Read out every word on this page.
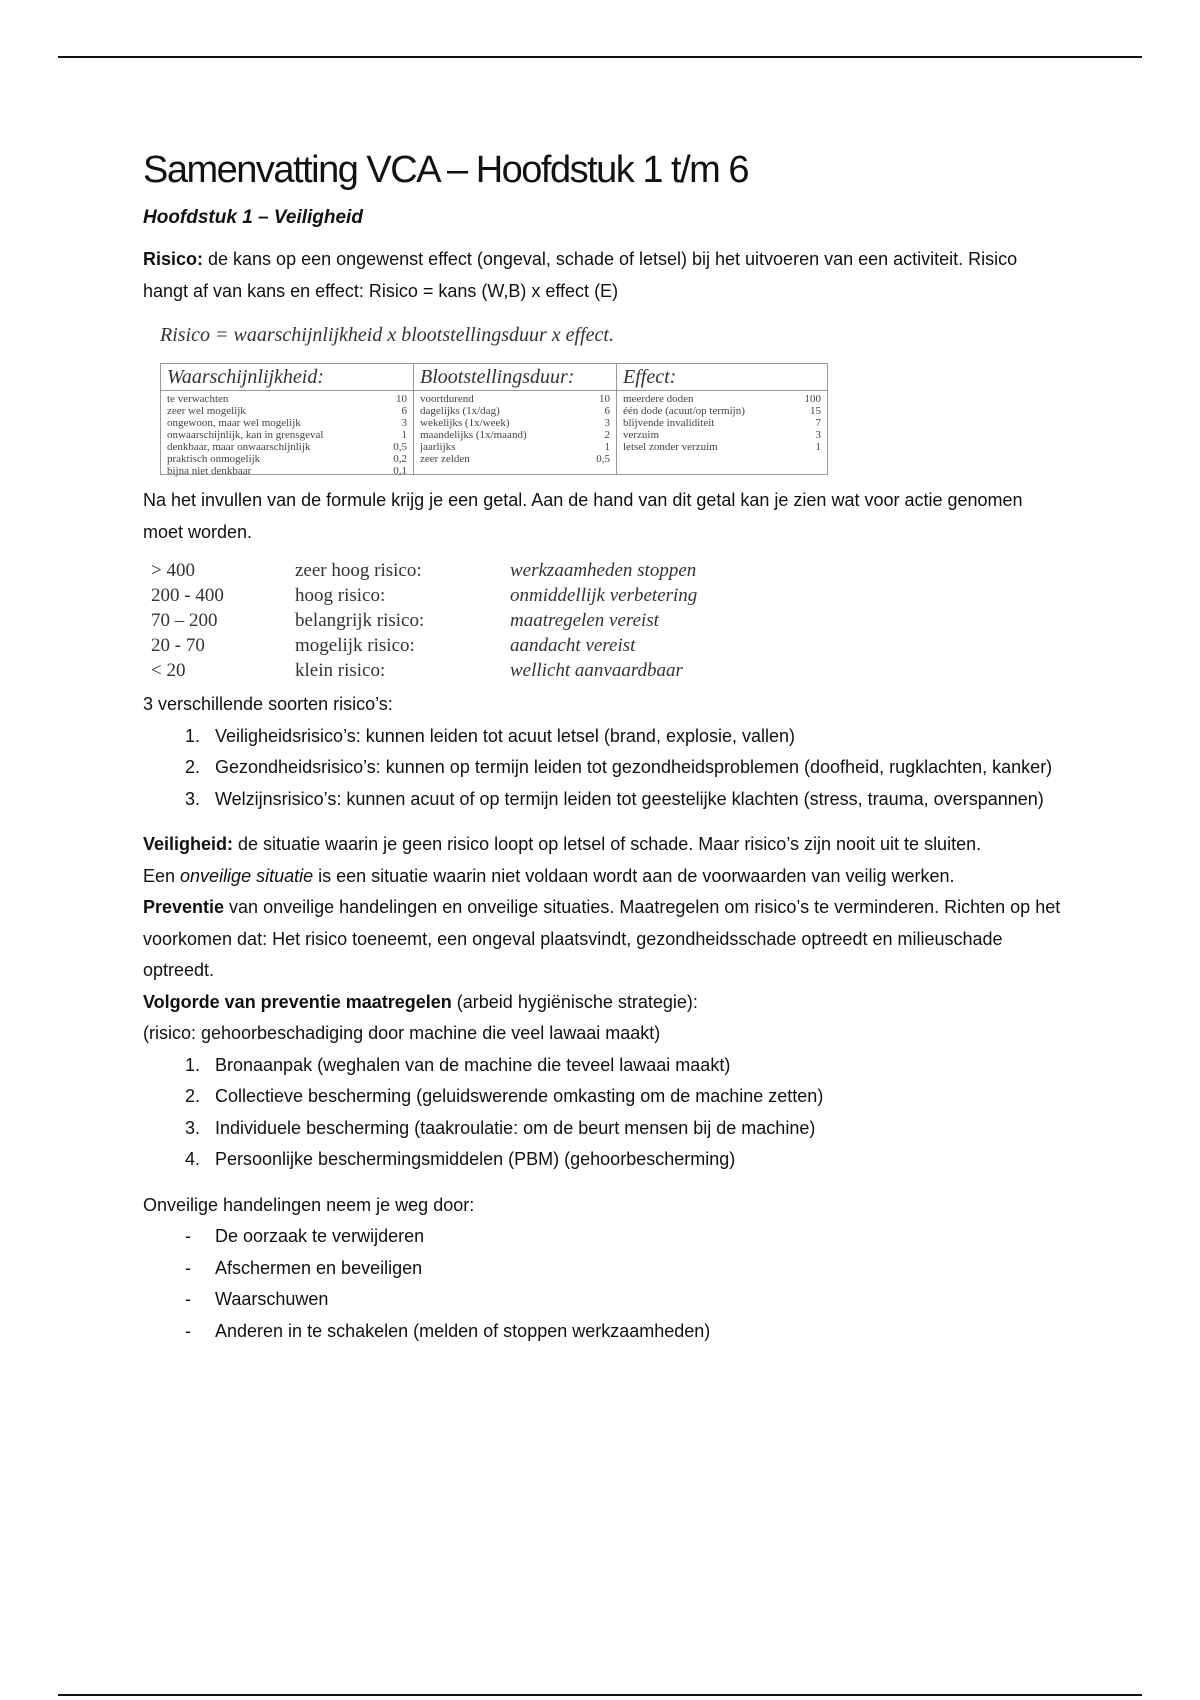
Samenvatting VCA – Hoofdstuk 1 t/m 6
Hoofdstuk 1 – Veiligheid

Risico: de kans op een ongewenst effect (ongeval, schade of letsel) bij het uitvoeren van een activiteit. Risico hangt af van kans en effect: Risico = kans (W,B) x effect (E)

Risico = waarschijnlijkheid x blootstellingsduur x effect.
Waarschijnlijkheid:
te verwachten	10
zeer wel mogelijk	6
ongewoon, maar wel mogelijk	3
onwaarschijnlijk, kan in grensgeval	1
denkbaar, maar onwaarschijnlijk	0,5
praktisch onmogelijk	0,2
bijna niet denkbaar	0,1
Blootstellingsduur:
voortdurend	10
dagelijks (1x/dag)	6
wekelijks (1x/week)	3
maandelijks (1x/maand)	2
jaarlijks	1
zeer zelden	0,5
Effect:
meerdere doden	100
één dode (acuut/op termijn)	15
blijvende invaliditeit	7
verzuim	3
letsel zonder verzuim	1

Na het invullen van de formule krijg je een getal. Aan de hand van dit getal kan je zien wat voor actie genomen moet worden.

> 400	zeer hoog risico:	werkzaamheden stoppen
200 - 400	hoog risico:	onmiddellijk verbetering
70 – 200	belangrijk risico:	maatregelen vereist
20 - 70	mogelijk risico:	aandacht vereist
< 20	klein risico:	wellicht aanvaardbaar

3 verschillende soorten risico’s:

1. Veiligheidsrisico’s: kunnen leiden tot acuut letsel (brand, explosie, vallen)
2. Gezondheidsrisico’s: kunnen op termijn leiden tot gezondheidsproblemen (doofheid, rugklachten, kanker)
3. Welzijnsrisico’s: kunnen acuut of op termijn leiden tot geestelijke klachten (stress, trauma, overspannen)

Veiligheid: de situatie waarin je geen risico loopt op letsel of schade. Maar risico’s zijn nooit uit te sluiten.

Een onveilige situatie is een situatie waarin niet voldaan wordt aan de voorwaarden van veilig werken.

Preventie van onveilige handelingen en onveilige situaties. Maatregelen om risico’s te verminderen. Richten op het voorkomen dat: Het risico toeneemt, een ongeval plaatsvindt, gezondheidsschade optreedt en milieuschade optreedt.

Volgorde van preventie maatregelen (arbeid hygiënische strategie):

(risico: gehoorbeschadiging door machine die veel lawaai maakt)

1. Bronaanpak (weghalen van de machine die teveel lawaai maakt)
2. Collectieve bescherming (geluidswerende omkasting om de machine zetten)
3. Individuele bescherming (taakroulatie: om de beurt mensen bij de machine)
4. Persoonlijke beschermingsmiddelen (PBM) (gehoorbescherming)

Onveilige handelingen neem je weg door:

-	De oorzaak te verwijderen
-	Afschermen en beveiligen
-	Waarschuwen
-	Anderen in te schakelen (melden of stoppen werkzaamheden)
